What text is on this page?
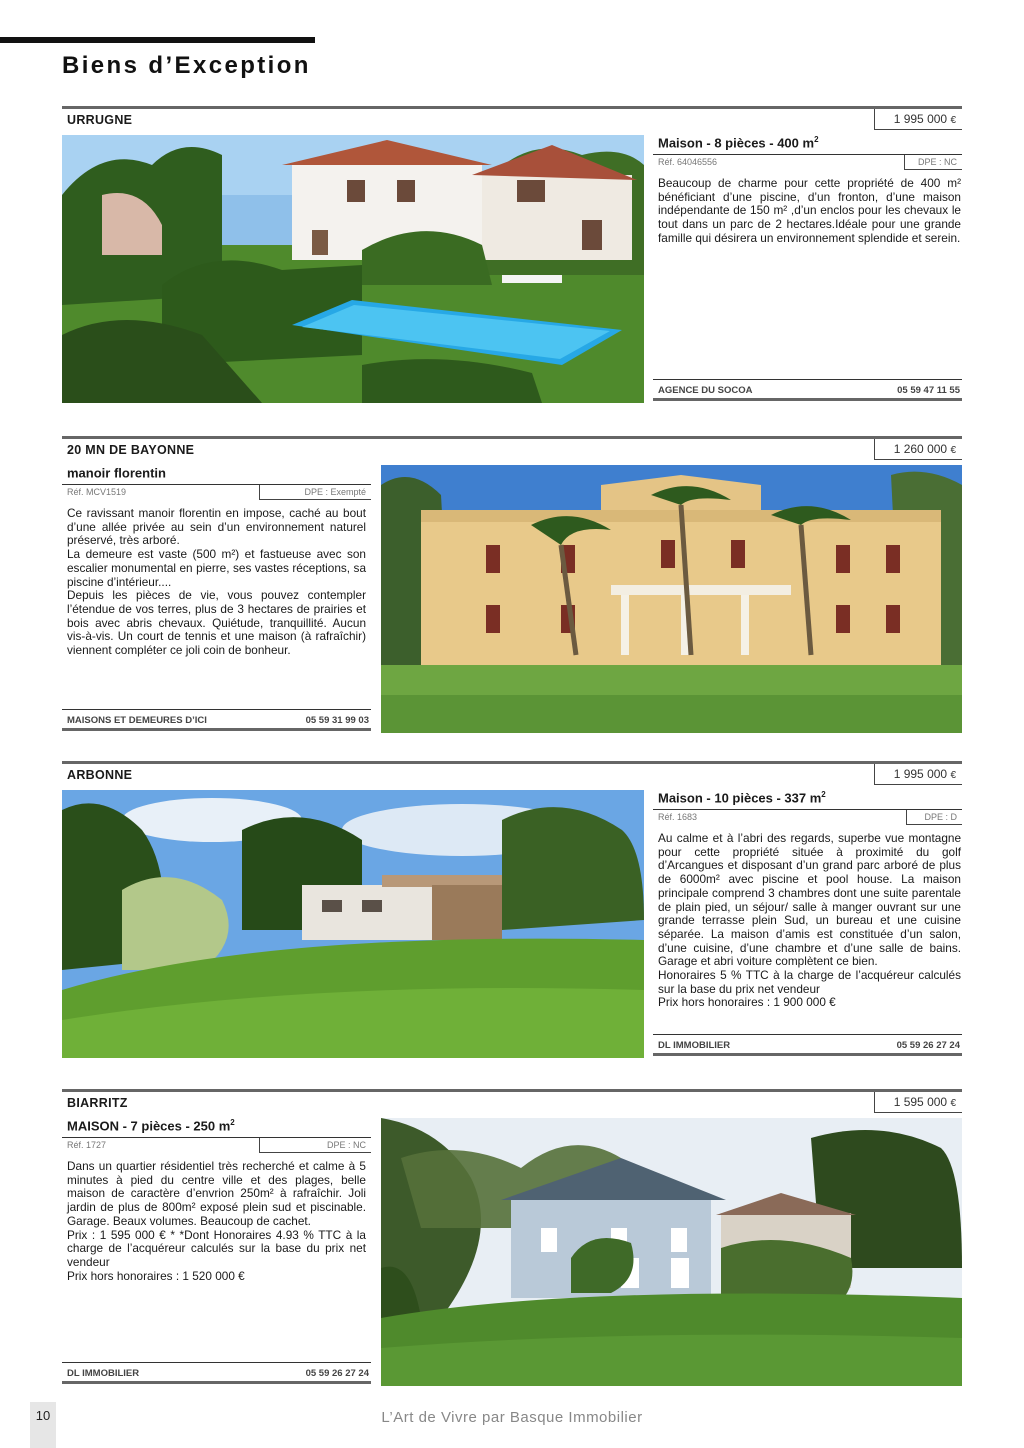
Biens d’Exception
URRUGNE	1 995 000 €
Maison - 8 pièces - 400 $m^2$
Réf. 64046556	DPE : NC

Beaucoup de charme pour cette propriété de 400 m² bénéficiant d’une piscine, d’un fronton, d’une maison indépendante de 150 m² ,d’un enclos pour les chevaux le tout dans un parc de 2 hectares.Idéale pour une grande famille qui désirera un environnement splendide et serein.

AGENCE DU SOCOA	05 59 47 11 55
20 MN DE BAYONNE	1 260 000 €
manoir florentin
Réf. MCV1519	DPE : Exempté

Ce ravissant manoir florentin en impose, caché au bout d’une allée privée au sein d’un environnement naturel préservé, très arboré.

La demeure est vaste (500 m²) et fastueuse avec son escalier monumental en pierre, ses vastes réceptions, sa piscine d’intérieur....

Depuis les pièces de vie, vous pouvez contempler l’étendue de vos terres, plus de 3 hectares de prairies et bois avec abris chevaux. Quiétude, tranquillité. Aucun vis-à-vis. Un court de tennis et une maison (à rafraîchir) viennent compléter ce joli coin de bonheur.

MAISONS ET DEMEURES D’ICI	05 59 31 99 03
ARBONNE	1 995 000 €
Maison - 10 pièces - 337 $m^2$
Réf. 1683	DPE : D

Au calme et à l’abri des regards, superbe vue montagne pour cette propriété située à proximité du golf d’Arcangues et disposant d’un grand parc arboré de plus de 6000m² avec piscine et pool house. La maison principale comprend 3 chambres dont une suite parentale de plain pied, un séjour/ salle à manger ouvrant sur une grande terrasse plein Sud, un bureau et une cuisine séparée. La maison d’amis est constituée d’un salon, d’une cuisine, d’une chambre et d’une salle de bains. Garage et abri voiture complètent ce bien.

Honoraires 5 % TTC à la charge de l’acquéreur calculés sur la base du prix net vendeur

Prix hors honoraires : 1 900 000 €

DL IMMOBILIER	05 59 26 27 24
BIARRITZ	1 595 000 €
MAISON - 7 pièces - 250 $m^2$
Réf. 1727	DPE : NC

Dans un quartier résidentiel très recherché et calme à 5 minutes à pied du centre ville et des plages, belle maison de caractère d’envrion 250m² à rafraîchir. Joli jardin de plus de 800m² exposé plein sud et piscinable. Garage. Beaux volumes. Beaucoup de cachet.

Prix : 1 595 000 € * *Dont Honoraires 4.93 % TTC à la charge de l’acquéreur calculés sur la base du prix net vendeur

Prix hors honoraires : 1 520 000 €

DL IMMOBILIER	05 59 26 27 24
10	L’Art de Vivre par Basque Immobilier
